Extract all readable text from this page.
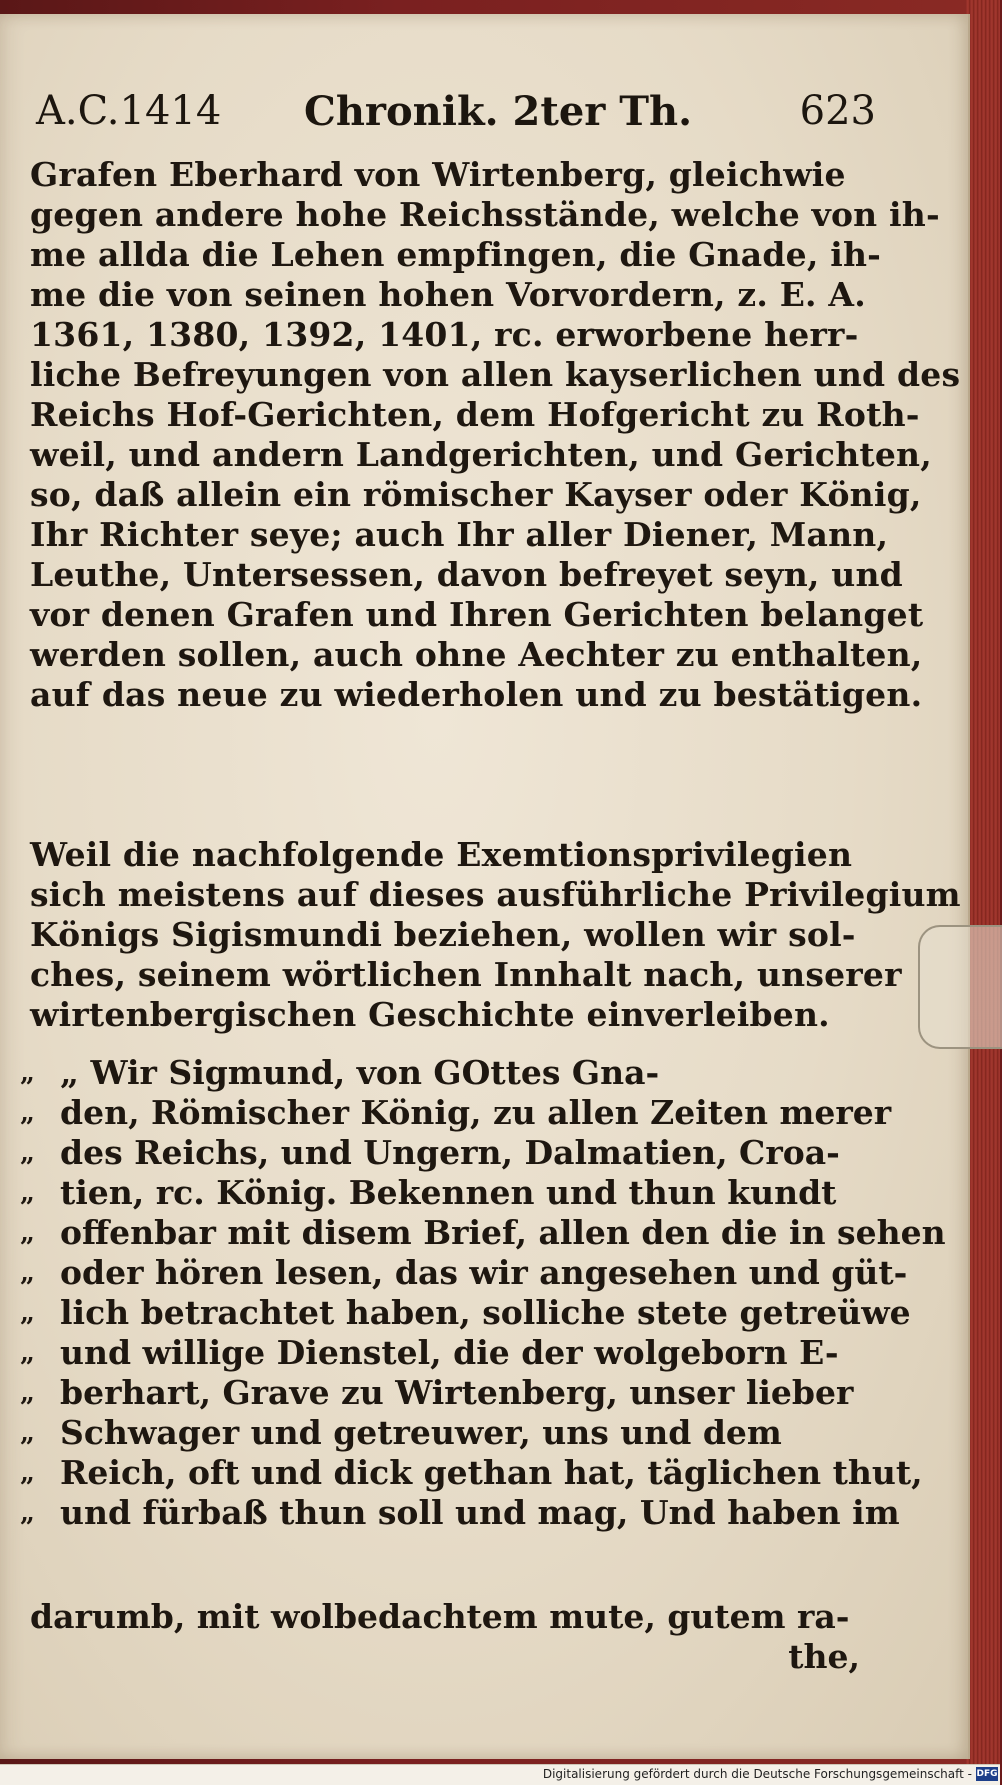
A.C.1414 Chronik. 2ter Th.	623
Grafen Eberhard von Wirtenberg, gleichwie
gegen andere hohe Reichsstände, welche von ih-
me allda die Lehen empfingen, die Gnade, ih-
me die von seinen hohen Vorvordern, z. E. A.
1361, 1380, 1392, 1401, rc. erworbene herr-
liche Befreyungen von allen kayserlichen und des
Reichs Hof-Gerichten, dem Hofgericht zu Roth-
weil, und andern Landgerichten, und Gerichten,
so, daß allein ein römischer Kayser oder König,
Ihr Richter seye; auch Ihr aller Diener, Mann,
Leuthe, Untersessen, davon befreyet seyn, und
vor denen Grafen und Ihren Gerichten belanget
werden sollen, auch ohne Aechter zu enthalten,
auf das neue zu wiederholen und zu bestätigen.
Weil die nachfolgende Exemtionsprivilegien
sich meistens auf dieses ausführliche Privilegium
Königs Sigismundi beziehen, wollen wir sol-
ches, seinem wörtlichen Innhalt nach, unserer
wirtenbergischen Geschichte einverleiben.
„ „ Wir Sigmund, von GOttes Gna-
„ den, Römischer König, zu allen Zeiten merer
„ des Reichs, und Ungern, Dalmatien, Croa-
„ tien, rc. König. Bekennen und thun kundt
„ offenbar mit disem Brief, allen den die in sehen
„ oder hören lesen, das wir angesehen und güt-
„ lich betrachtet haben, solliche stete getreüwe
„ und willige Dienstel, die der wolgeborn E-
„ berhart, Grave zu Wirtenberg, unser lieber
„ Schwager und getreuwer, uns und dem
„ Reich, oft und dick gethan hat, täglichen thut,
„ und fürbaß thun soll und mag, Und haben im
darumb, mit wolbedachtem mute, gutem ra-
the,
Digitalisierung gefördert durch die Deutsche Forschungsgemeinschaft - DFG
